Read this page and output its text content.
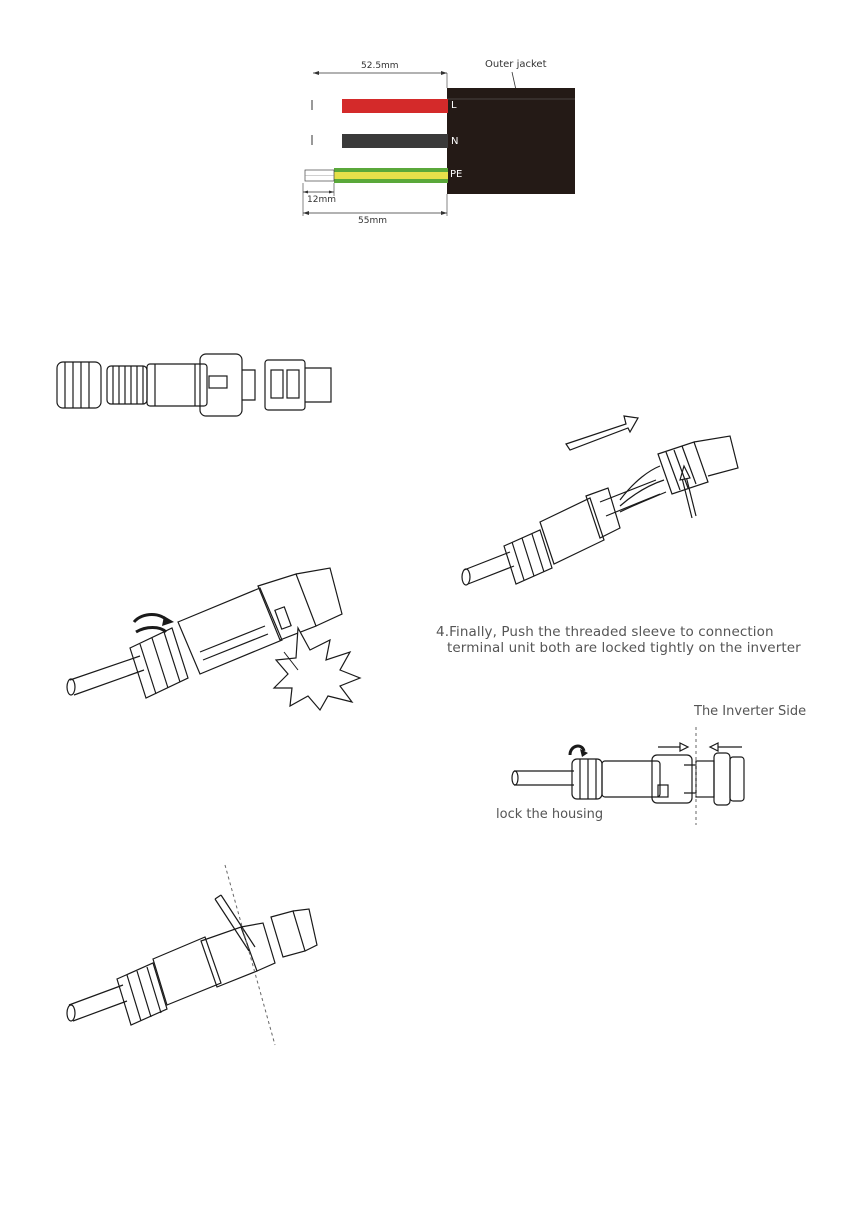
52.5mm	Outer jacket
L
N
PE
12mm
55mm
4.Finally, Push the threaded sleeve to connection
terminal unit both are locked tightly on the inverter
The Inverter Side
lock the housing
